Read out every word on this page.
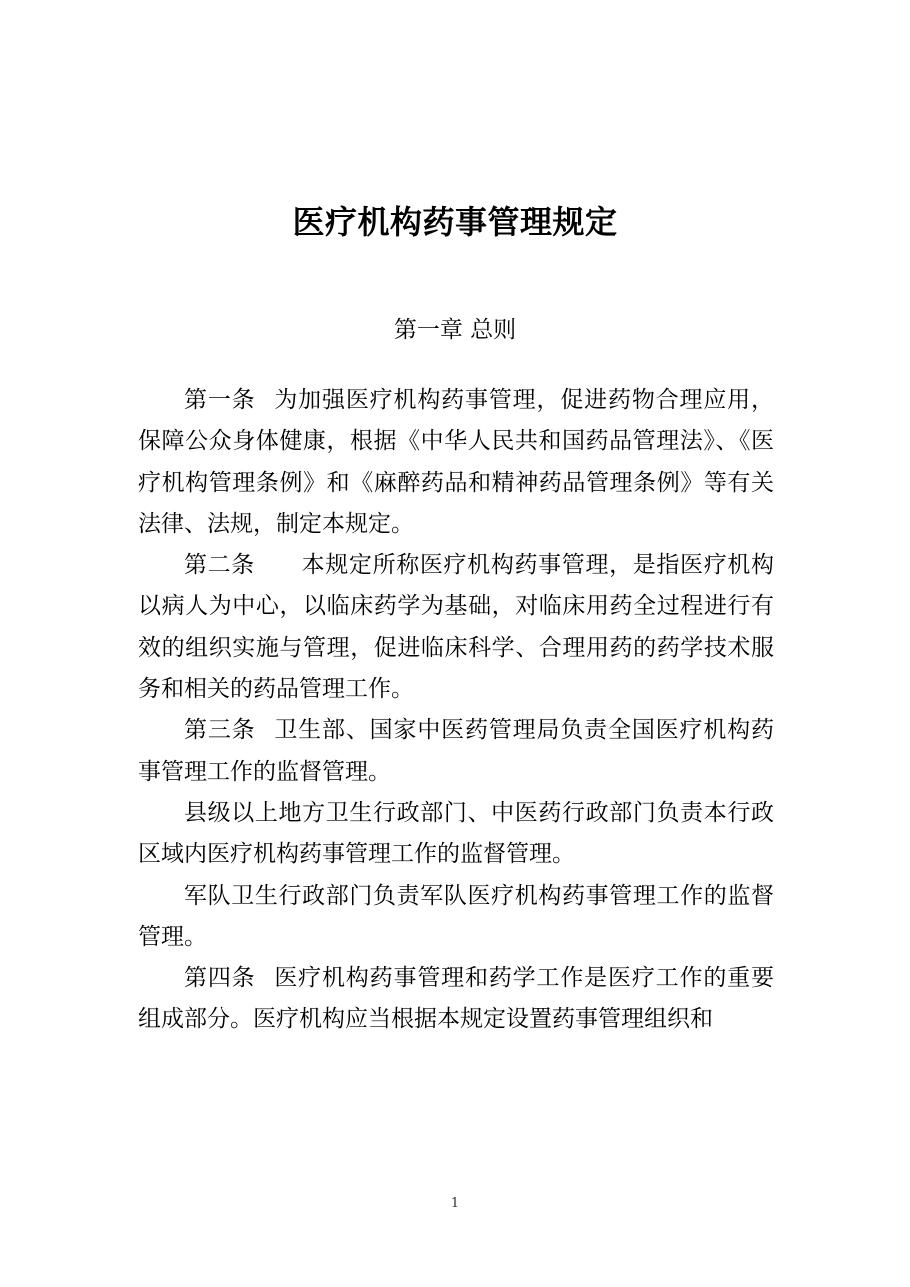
医疗机构药事管理规定
第一章 总则

第一条 为加强医疗机构药事管理，促进药物合理应用，保障公众身体健康，根据《中华人民共和国药品管理法》、《医疗机构管理条例》和《麻醉药品和精神药品管理条例》等有关法律、法规，制定本规定。

第二条 本规定所称医疗机构药事管理，是指医疗机构以病人为中心，以临床药学为基础，对临床用药全过程进行有效的组织实施与管理，促进临床科学、合理用药的药学技术服务和相关的药品管理工作。

第三条 卫生部、国家中医药管理局负责全国医疗机构药事管理工作的监督管理。

县级以上地方卫生行政部门、中医药行政部门负责本行政区域内医疗机构药事管理工作的监督管理。

军队卫生行政部门负责军队医疗机构药事管理工作的监督管理。

第四条 医疗机构药事管理和药学工作是医疗工作的重要组成部分。医疗机构应当根据本规定设置药事管理组织和

1
